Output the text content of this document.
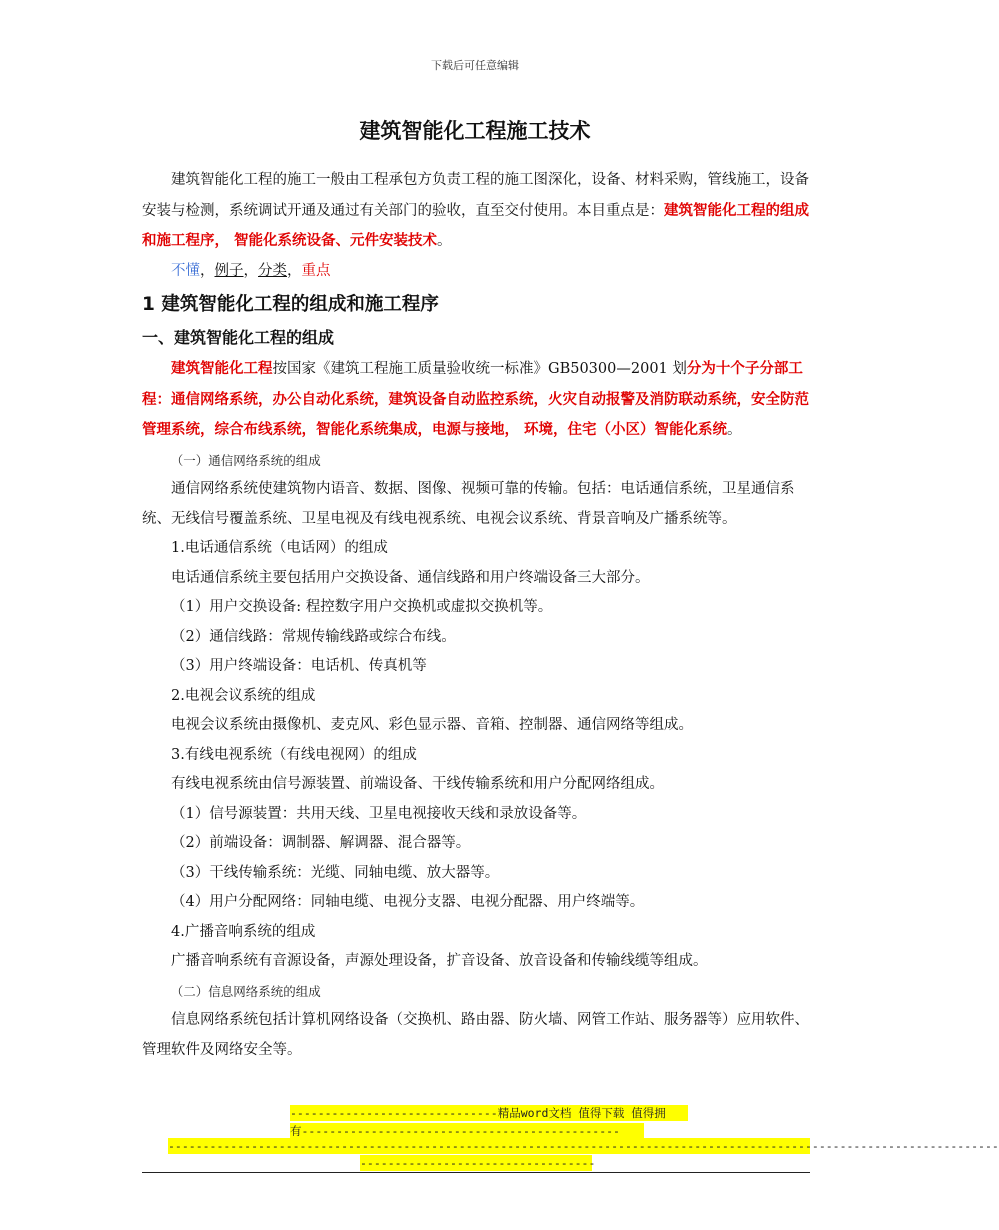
下载后可任意编辑
建筑智能化工程施工技术

建筑智能化工程的施工一般由工程承包方负责工程的施工图深化，设备、材料采购，管线施工，设备安装与检测，系统调试开通及通过有关部门的验收，直至交付使用。本目重点是：建筑智能化工程的组成和施工程序， 智能化系统设备、元件安装技术。

不懂，例子，分类，重点

1 建筑智能化工程的组成和施工程序
一、建筑智能化工程的组成

建筑智能化工程按国家《建筑工程施工质量验收统一标准》GB50300—2001 划分为十个子分部工程：通信网络系统，办公自动化系统，建筑设备自动监控系统，火灾自动报警及消防联动系统，安全防范管理系统，综合布线系统，智能化系统集成，电源与接地， 环境，住宅（小区）智能化系统。

（一）通信网络系统的组成

通信网络系统使建筑物内语音、数据、图像、视频可靠的传输。包括：电话通信系统，卫星通信系统、无线信号覆盖系统、卫星电视及有线电视系统、电视会议系统、背景音响及广播系统等。

1.电话通信系统（电话网）的组成

电话通信系统主要包括用户交换设备、通信线路和用户终端设备三大部分。

（1）用户交换设备: 程控数字用户交换机或虚拟交换机等。

（2）通信线路：常规传输线路或综合布线。

（3）用户终端设备：电话机、传真机等

2.电视会议系统的组成

电视会议系统由摄像机、麦克风、彩色显示器、音箱、控制器、通信网络等组成。

3.有线电视系统（有线电视网）的组成

有线电视系统由信号源装置、前端设备、干线传输系统和用户分配网络组成。

（1）信号源装置：共用天线、卫星电视接收天线和录放设备等。

（2）前端设备：调制器、解调器、混合器等。

（3）干线传输系统：光缆、同轴电缆、放大器等。

（4）用户分配网络：同轴电缆、电视分支器、电视分配器、用户终端等。

4.广播音响系统的组成

广播音响系统有音源设备，声源处理设备，扩音设备、放音设备和传输线缆等组成。

（二）信息网络系统的组成

信息网络系统包括计算机网络设备（交换机、路由器、防火墙、网管工作站、服务器等）应用软件、管理软件及网络安全等。

------------------------------精品word文档 值得下载 值得拥
有----------------------------------------------
------------------------------------------------------------------------------------------------------------------------
----------------------------------
